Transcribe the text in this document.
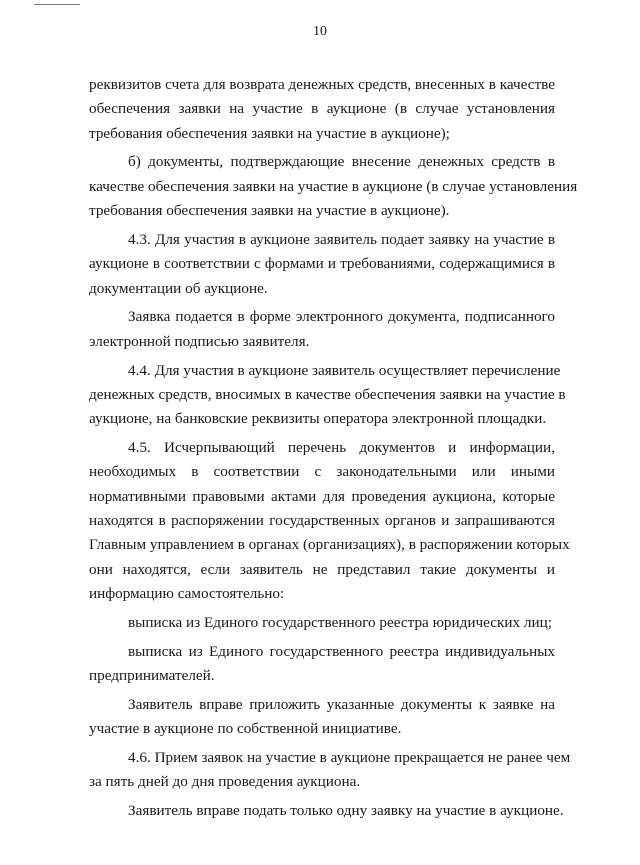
10
реквизитов счета для возврата денежных средств, внесенных в качестве
обеспечения заявки на участие в аукционе (в случае установления
требования обеспечения заявки на участие в аукционе);
б) документы, подтверждающие внесение денежных средств в
качестве обеспечения заявки на участие в аукционе (в случае установления
требования обеспечения заявки на участие в аукционе).
4.3. Для участия в аукционе заявитель подает заявку на участие в
аукционе в соответствии с формами и требованиями, содержащимися в
документации об аукционе.
Заявка подается в форме электронного документа, подписанного
электронной подписью заявителя.
4.4. Для участия в аукционе заявитель осуществляет перечисление
денежных средств, вносимых в качестве обеспечения заявки на участие в
аукционе, на банковские реквизиты оператора электронной площадки.
4.5. Исчерпывающий перечень документов и информации,
необходимых в соответствии с законодательными или иными
нормативными правовыми актами для проведения аукциона, которые
находятся в распоряжении государственных органов и запрашиваются
Главным управлением в органах (организациях), в распоряжении которых
они находятся, если заявитель не представил такие документы и
информацию самостоятельно:
выписка из Единого государственного реестра юридических лиц;
выписка из Единого государственного реестра индивидуальных
предпринимателей.
Заявитель вправе приложить указанные документы к заявке на
участие в аукционе по собственной инициативе.
4.6. Прием заявок на участие в аукционе прекращается не ранее чем
за пять дней до дня проведения аукциона.
Заявитель вправе подать только одну заявку на участие в аукционе.
